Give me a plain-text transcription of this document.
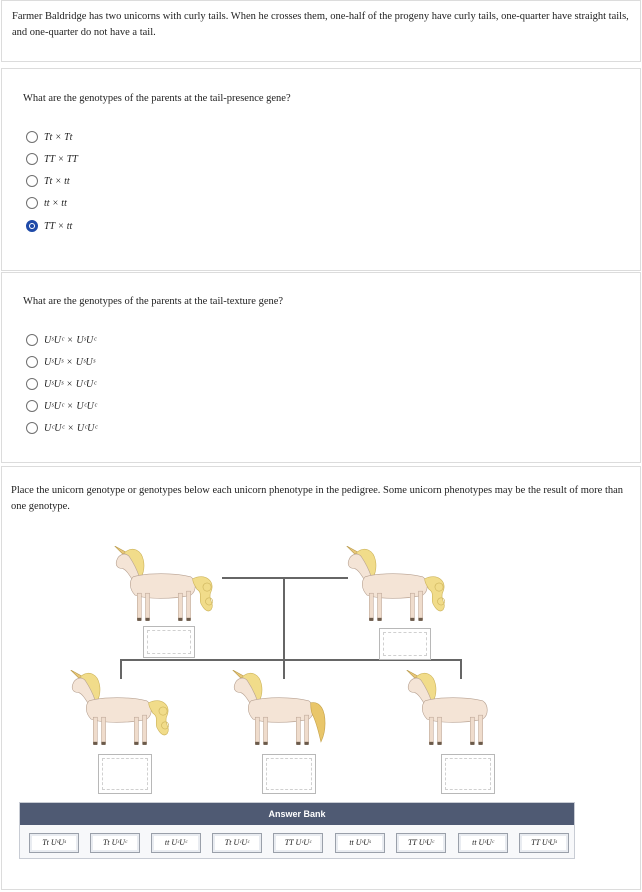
Farmer Baldridge has two unicorns with curly tails. When he crosses them, one-half of the progeny have curly tails, one-quarter have straight tails, and one-quarter do not have a tail.
What are the genotypes of the parents at the tail-presence gene?
Tt × Tt
TT × TT
Tt × tt
tt × tt
TT × tt
What are the genotypes of the parents at the tail-texture gene?
UˢUᶜ × UˢUᶜ
UˢUˢ × UˢUˢ
UˢUˢ × UᶜUᶜ
UˢUᶜ × UᶜUᶜ
UᶜUᶜ × UᶜUᶜ
Place the unicorn genotype or genotypes below each unicorn phenotype in the pedigree. Some unicorn phenotypes may be the result of more than one genotype.
Answer Bank
Tt UˢUˢ	Tt UˢUᶜ	tt UᶜUᶜ	Tt UᶜUᶜ	TT UᶜUᶜ	tt UˢUˢ	TT UˢUᶜ	tt UˢUᶜ	TT UˢUˢ
